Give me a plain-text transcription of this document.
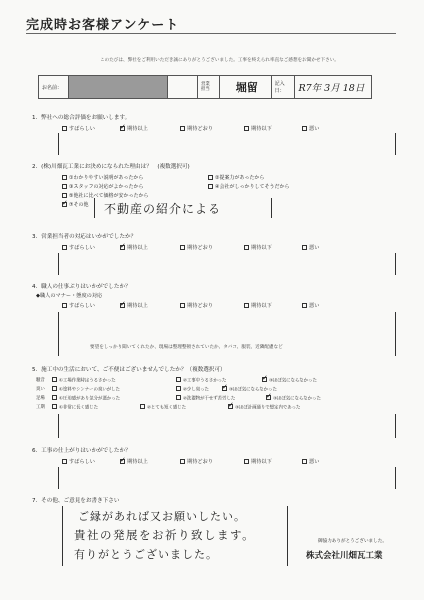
完成時お客様アンケート
このたびは、弊社をご利用いただき誠にありがとうございました。工事を終えられ率直なご感想をお聞かせ下さい。
お名前：	営業
担当	堀留	記入日：	R7年 3月 18日
1．弊社への総合評価をお願いします。
すばらしい ✓	期待以上	期待どおり	期待以下	悪い
2．(株)川畑瓦工業にお決めになられた理由は？　(複数選択可)
①わかりやすい説明があったから	②提案力があったから
③スタッフの対応がよかったから	④会社がしっかりしてそうだから
⑤他社に比べて価格が安かったから
✓⑦その他 不動産の紹介による
3．営業担当者の対応はいかがでしたか？
すばらしい ✓	期待以上	期待どおり	期待以下	悪い
4．職人の仕事ぶりはいかがでしたか？
◆職人のマナー・態度の対応
すばらしい ✓	期待以上	期待どおり	期待以下	悪い
要望をしっかり聞いてくれたか、現場は整理整頓されていたか、タバコ、服装、近隣配慮など
5．施工中の生活において、ご不便はございませんでしたか？（複数選択可）
騒音	①工場作業時はうるさかった	②工事中うるさかった ✓	③ほぼ気にならなかった
臭い	①塗料やシンナーの臭いがした	②少し臭った ✓	③ほぼ気にならなかった
足場	①圧迫感があり気分が悪かった	②洗濯物が干せず苦労した ✓	③ほぼ気にならなかった
工期	①非常に長く感じた	②とても短く感じた ✓	③ほぼ計画通りで想定内であった
6．工事の仕上がりはいかがでしたか？
すばらしい ✓	期待以上	期待どおり	期待以下	悪い
7．その他、ご意見をお書き下さい
ご縁があれば又お願いしたい。
貴社の発展をお祈り致します。
有りがとうございました。
御協力ありがとうございました。
株式会社川畑瓦工業
